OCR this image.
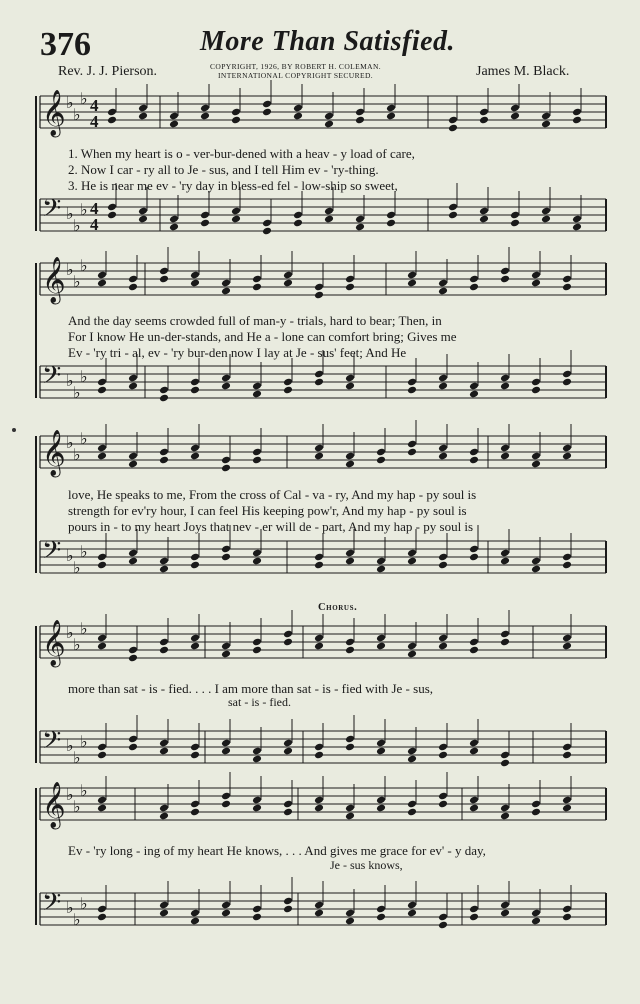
376	More Than Satisfied.
Rev. J. J. Pierson.	COPYRIGHT, 1926, BY ROBERT H. COLEMAN.
INTERNATIONAL COPYRIGHT SECURED.	James M. Black.
𝄞 ♭
♭
♭ 4
4
𝄞 ♭
♭
♭
𝄞 ♭
♭
♭
𝄞 ♭
♭
♭
𝄞 ♭
♭
♭
𝄢 ♭
♭
♭ 4
4
𝄢 ♭
♭
♭
𝄢 ♭
♭
♭
𝄢 ♭
♭
♭
𝄢 ♭
♭
♭
1. When my heart is o - ver-bur-dened with a heav - y load of care,
2. Now I car - ry all to Je - sus, and I tell Him ev - 'ry-thing.
3. He is near me ev - 'ry day in bless-ed fel - low-ship so sweet,
And the day seems crowded full of man-y - trials, hard to bear; Then, in
For I know He un-der-stands, and He a - lone can comfort bring; Gives me
Ev - 'ry tri - al, ev - 'ry bur-den now I lay at Je - sus' feet; And He
love, He speaks to me, From the cross of Cal - va - ry, And my hap - py soul is
strength for ev'ry hour, I can feel His keeping pow'r, And my hap - py soul is
pours in - to my heart Joys that nev - er will de - part, And my hap - py soul is
Chorus.
more than sat - is - fied. . . . I am more than sat - is - fied with Je - sus,
sat - is - fied.
Ev - 'ry long - ing of my heart He knows, . . . And gives me grace for ev' - y day,
Je - sus knows,
